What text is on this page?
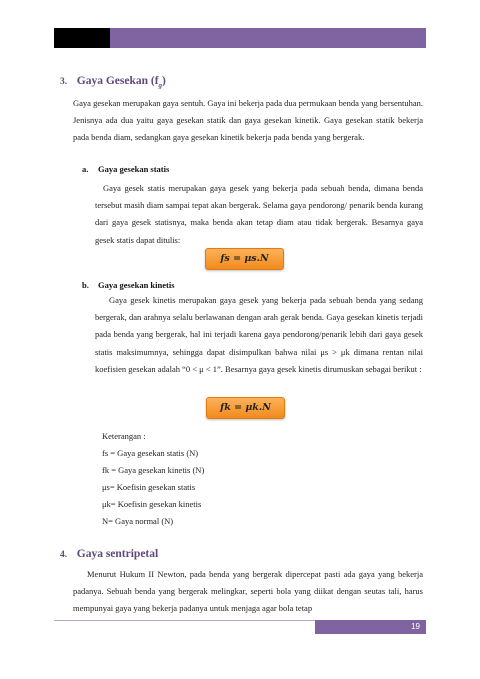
3. Gaya Gesekan $(f_g)$
Gaya gesekan merupakan gaya sentuh. Gaya ini bekerja pada dua permukaan benda yang bersentuhan. Jenisnya ada dua yaitu gaya gesekan statik dan gaya gesekan kinetik. Gaya gesekan statik bekerja pada benda diam, sedangkan gaya gesekan kinetik bekerja pada benda yang bergerak.
a. Gaya gesekan statis
Gaya gesek statis merupakan gaya gesek yang bekerja pada sebuah benda, dimana benda tersebut masih diam sampai tepat akan bergerak. Selama gaya pendorong/ penarik benda kurang dari gaya gesek statisnya, maka benda akan tetap diam atau tidak bergerak. Besarnya gaya gesek statis dapat ditulis:
fs = μs.N
b. Gaya gesekan kinetis
Gaya gesek kinetis merupakan gaya gesek yang bekerja pada sebuah benda yang sedang bergerak, dan arahnya selalu berlawanan dengan arah gerak benda. Gaya gesekan kinetis terjadi pada benda yang bergerak, hal ini terjadi karena gaya pendorong/penarik lebih dari gaya gesek statis maksimumnya, sehingga dapat disimpulkan bahwa nilai μs > μk dimana rentan nilai koefisien gesekan adalah “0 < μ < 1”. Besarnya gaya gesek kinetis dirumuskan sebagai berikut :
fk = μk.N
Keterangan :
fs = Gaya gesekan statis (N)
fk = Gaya gesekan kinetis (N)
μs= Koefisin gesekan statis
μk= Koefisin gesekan kinetis
N= Gaya normal (N)
4. Gaya sentripetal
Menurut Hukum II Newton, pada benda yang bergerak dipercepat pasti ada gaya yang bekerja padanya. Sebuah benda yang bergerak melingkar, seperti bola yang diikat dengan seutas tali, harus mempunyai gaya yang bekerja padanya untuk menjaga agar bola tetap
19
